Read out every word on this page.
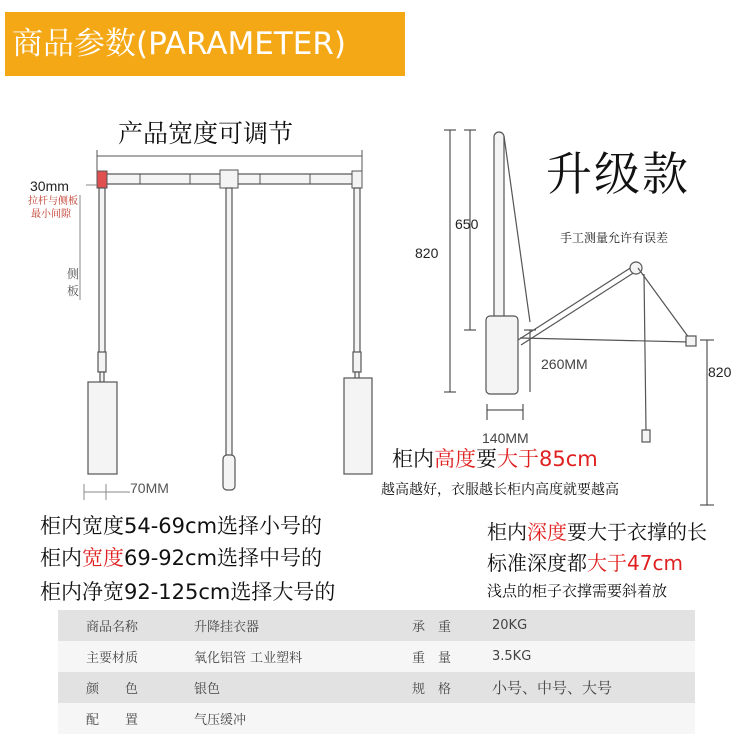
商品参数(PARAMETER)
产品宽度可调节
30mm
拉杆与侧板
最小间隙
侧
板
70MM
升级款
手工测量允许有误差
820
650
260MM
140MM
820
柜内高度要大于85cm
越高越好，衣服越长柜内高度就要越高
柜内宽度54-69cm选择小号的
柜内宽度69-92cm选择中号的
柜内净宽92-125cm选择大号的
柜内深度要大于衣撑的长
标准深度都大于47cm
浅点的柜子衣撑需要斜着放
商品名称	升降挂衣器	承　重	20KG
主要材质	氧化铝管 工业塑料	重　量	3.5KG
颜　　色	银色	规　格	小号、中号、大号
配　　置	气压缓冲		
